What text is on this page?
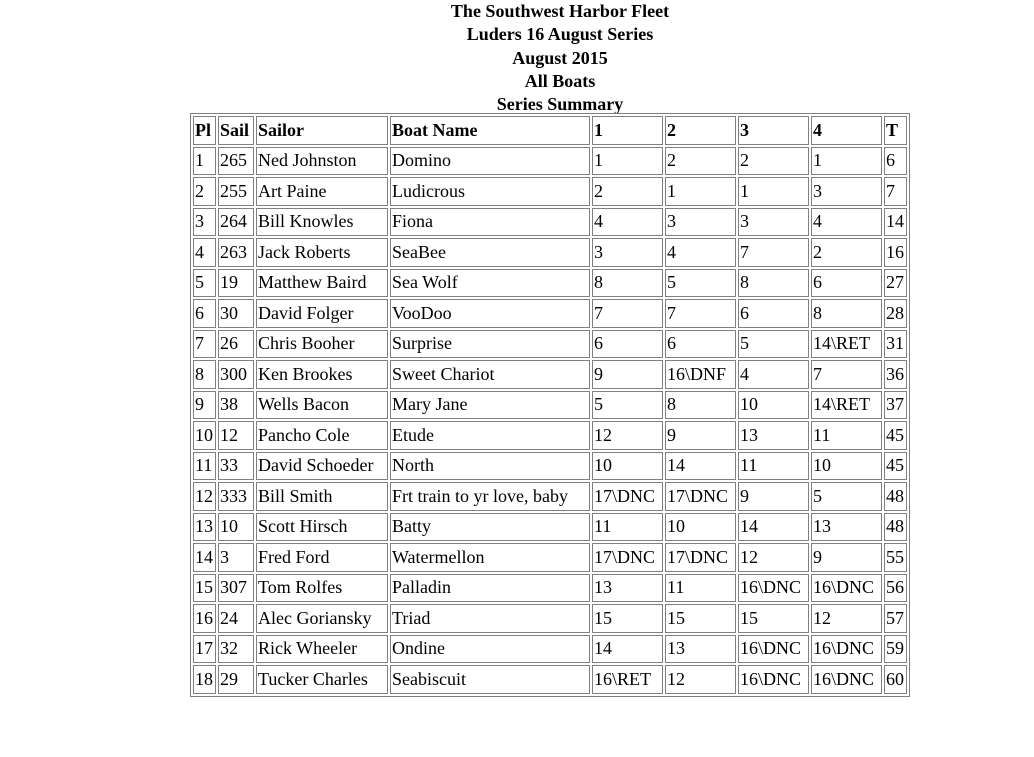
The Southwest Harbor Fleet
Luders 16 August Series
August 2015
All Boats
Series Summary
Pl	Sail	Sailor	Boat Name	1	2	3	4	T
1	265	Ned Johnston	Domino	1	2	2	1	6
2	255	Art Paine	Ludicrous	2	1	1	3	7
3	264	Bill Knowles	Fiona	4	3	3	4	14
4	263	Jack Roberts	SeaBee	3	4	7	2	16
5	19	Matthew Baird	Sea Wolf	8	5	8	6	27
6	30	David Folger	VooDoo	7	7	6	8	28
7	26	Chris Booher	Surprise	6	6	5	14\RET	31
8	300	Ken Brookes	Sweet Chariot	9	16\DNF	4	7	36
9	38	Wells Bacon	Mary Jane	5	8	10	14\RET	37
10	12	Pancho Cole	Etude	12	9	13	11	45
11	33	David Schoeder	North	10	14	11	10	45
12	333	Bill Smith	Frt train to yr love, baby	17\DNC	17\DNC	9	5	48
13	10	Scott Hirsch	Batty	11	10	14	13	48
14	3	Fred Ford	Watermellon	17\DNC	17\DNC	12	9	55
15	307	Tom Rolfes	Palladin	13	11	16\DNC	16\DNC	56
16	24	Alec Goriansky	Triad	15	15	15	12	57
17	32	Rick Wheeler	Ondine	14	13	16\DNC	16\DNC	59
18	29	Tucker Charles	Seabiscuit	16\RET	12	16\DNC	16\DNC	60
